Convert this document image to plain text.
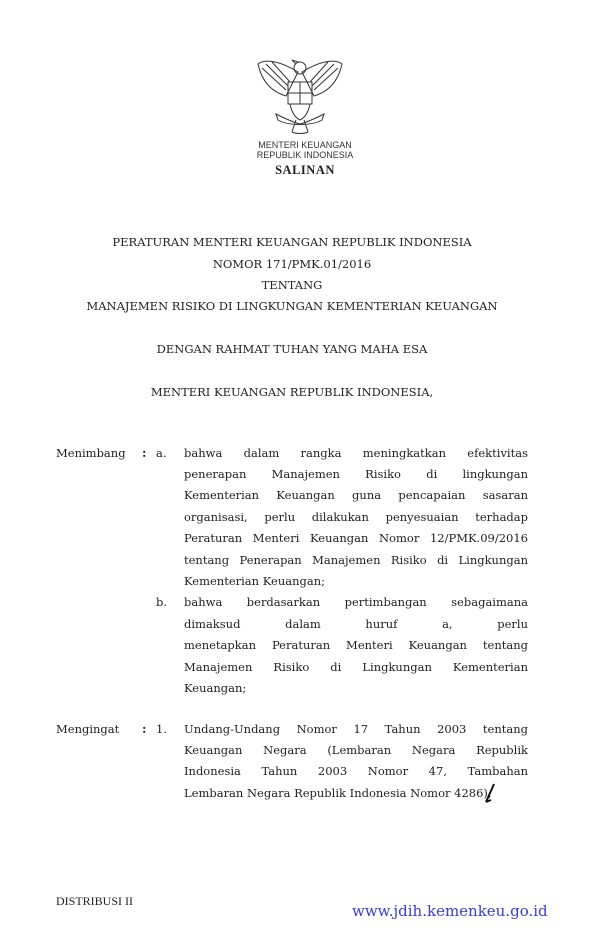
MENTERI KEUANGAN
REPUBLIK INDONESIA
SALINAN
PERATURAN MENTERI KEUANGAN REPUBLIK INDONESIA
NOMOR 171/PMK.01/2016
TENTANG
MANAJEMEN RISIKO DI LINGKUNGAN KEMENTERIAN KEUANGAN
DENGAN RAHMAT TUHAN YANG MAHA ESA
MENTERI KEUANGAN REPUBLIK INDONESIA,
Menimbang : a. bahwa dalam rangka meningkatkan efektivitas
penerapan Manajemen Risiko di lingkungan
Kementerian Keuangan guna pencapaian sasaran
organisasi, perlu dilakukan penyesuaian terhadap
Peraturan Menteri Keuangan Nomor 12/PMK.09/2016
tentang Penerapan Manajemen Risiko di Lingkungan
Kementerian Keuangan;
b. bahwa berdasarkan pertimbangan sebagaimana
dimaksud dalam huruf a, perlu
menetapkan Peraturan Menteri Keuangan tentang
Manajemen Risiko di Lingkungan Kementerian
Keuangan;
Mengingat : 1. Undang-Undang Nomor 17 Tahun 2003 tentang
Keuangan Negara (Lembaran Negara Republik
Indonesia Tahun 2003 Nomor 47, Tambahan
Lembaran Negara Republik Indonesia Nomor 4286);
DISTRIBUSI II
www.jdih.kemenkeu.go.id
